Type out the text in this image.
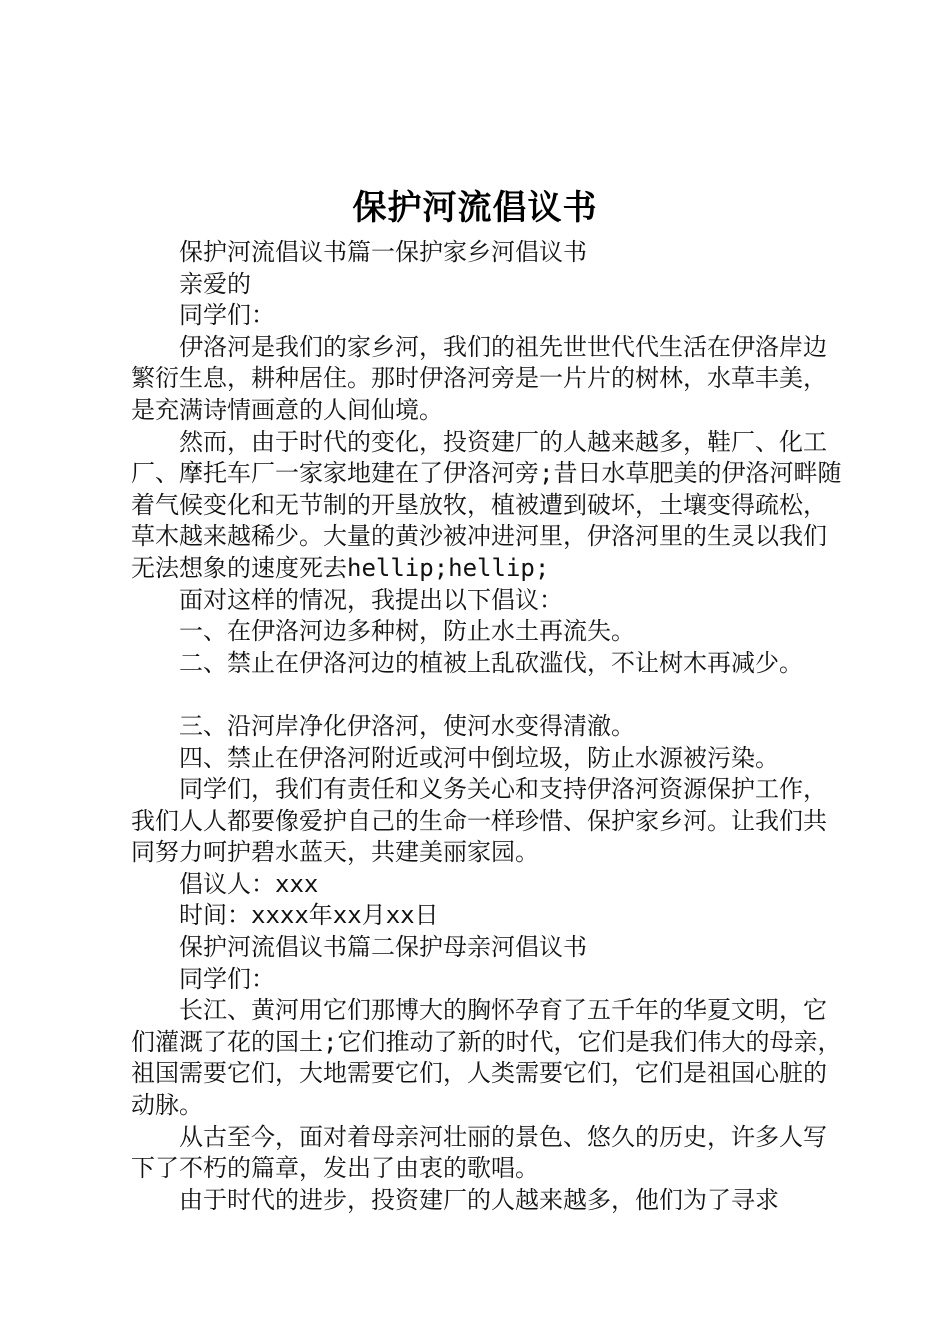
保护河流倡议书

保护河流倡议书篇一保护家乡河倡议书

亲爱的

同学们：

伊洛河是我们的家乡河，我们的祖先世世代代生活在伊洛岸边繁衍生息，耕种居住。那时伊洛河旁是一片片的树林，水草丰美，是充满诗情画意的人间仙境。

然而，由于时代的变化，投资建厂的人越来越多，鞋厂、化工厂、摩托车厂一家家地建在了伊洛河旁;昔日水草肥美的伊洛河畔随着气候变化和无节制的开垦放牧，植被遭到破坏，土壤变得疏松，草木越来越稀少。大量的黄沙被冲进河里，伊洛河里的生灵以我们无法想象的速度死去hellip;hellip;

面对这样的情况，我提出以下倡议：

一、在伊洛河边多种树，防止水土再流失。

二、禁止在伊洛河边的植被上乱砍滥伐，不让树木再减少。

三、沿河岸净化伊洛河，使河水变得清澈。

四、禁止在伊洛河附近或河中倒垃圾，防止水源被污染。

同学们，我们有责任和义务关心和支持伊洛河资源保护工作，我们人人都要像爱护自己的生命一样珍惜、保护家乡河。让我们共同努力呵护碧水蓝天，共建美丽家园。

倡议人：xxx

时间：xxxx年xx月xx日

保护河流倡议书篇二保护母亲河倡议书

同学们：

长江、黄河用它们那博大的胸怀孕育了五千年的华夏文明，它们灌溉了花的国土;它们推动了新的时代，它们是我们伟大的母亲，祖国需要它们，大地需要它们，人类需要它们，它们是祖国心脏的动脉。

从古至今，面对着母亲河壮丽的景色、悠久的历史，许多人写下了不朽的篇章，发出了由衷的歌唱。

由于时代的进步，投资建厂的人越来越多，他们为了寻求
